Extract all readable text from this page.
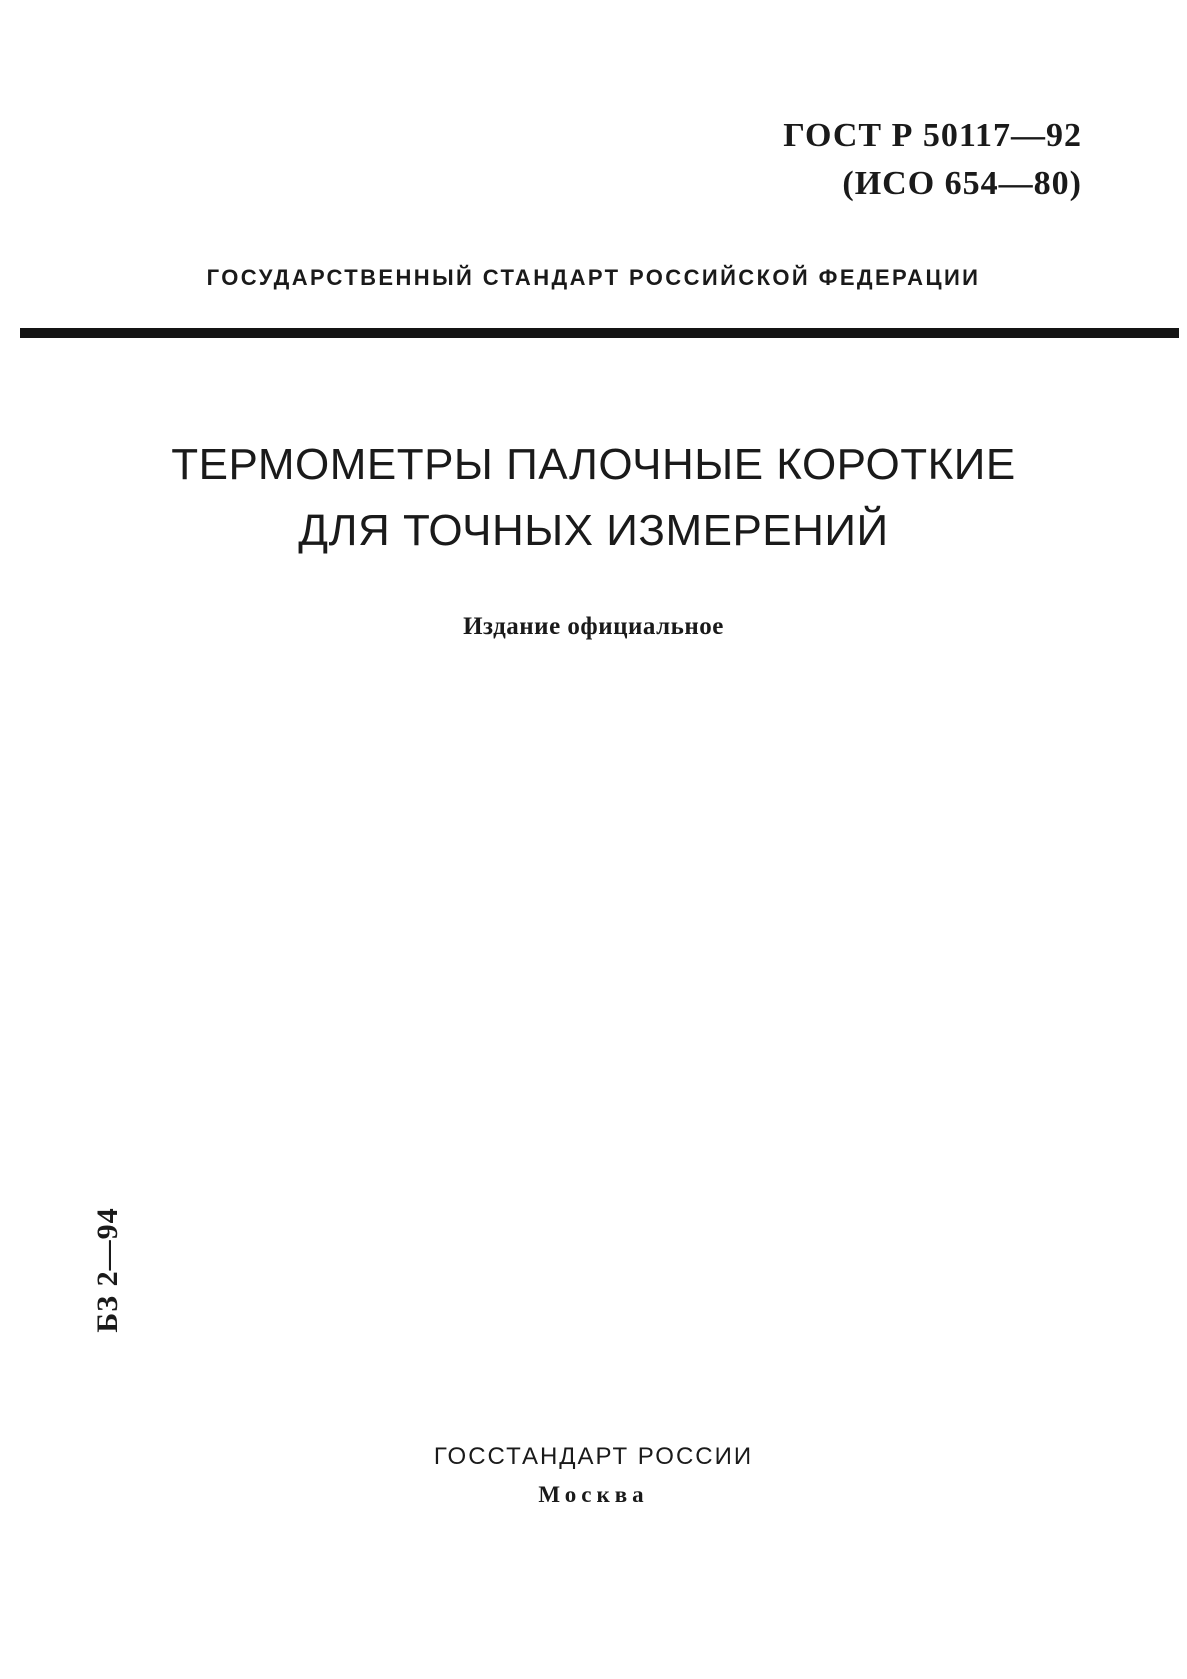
ГОСТ Р 50117—92
(ИСО 654—80)
ГОСУДАРСТВЕННЫЙ СТАНДАРТ РОССИЙСКОЙ ФЕДЕРАЦИИ
ТЕРМОМЕТРЫ ПАЛОЧНЫЕ КОРОТКИЕ
ДЛЯ ТОЧНЫХ ИЗМЕРЕНИЙ
Издание официальное
БЗ 2—94
ГОССТАНДАРТ РОССИИ
Москва
